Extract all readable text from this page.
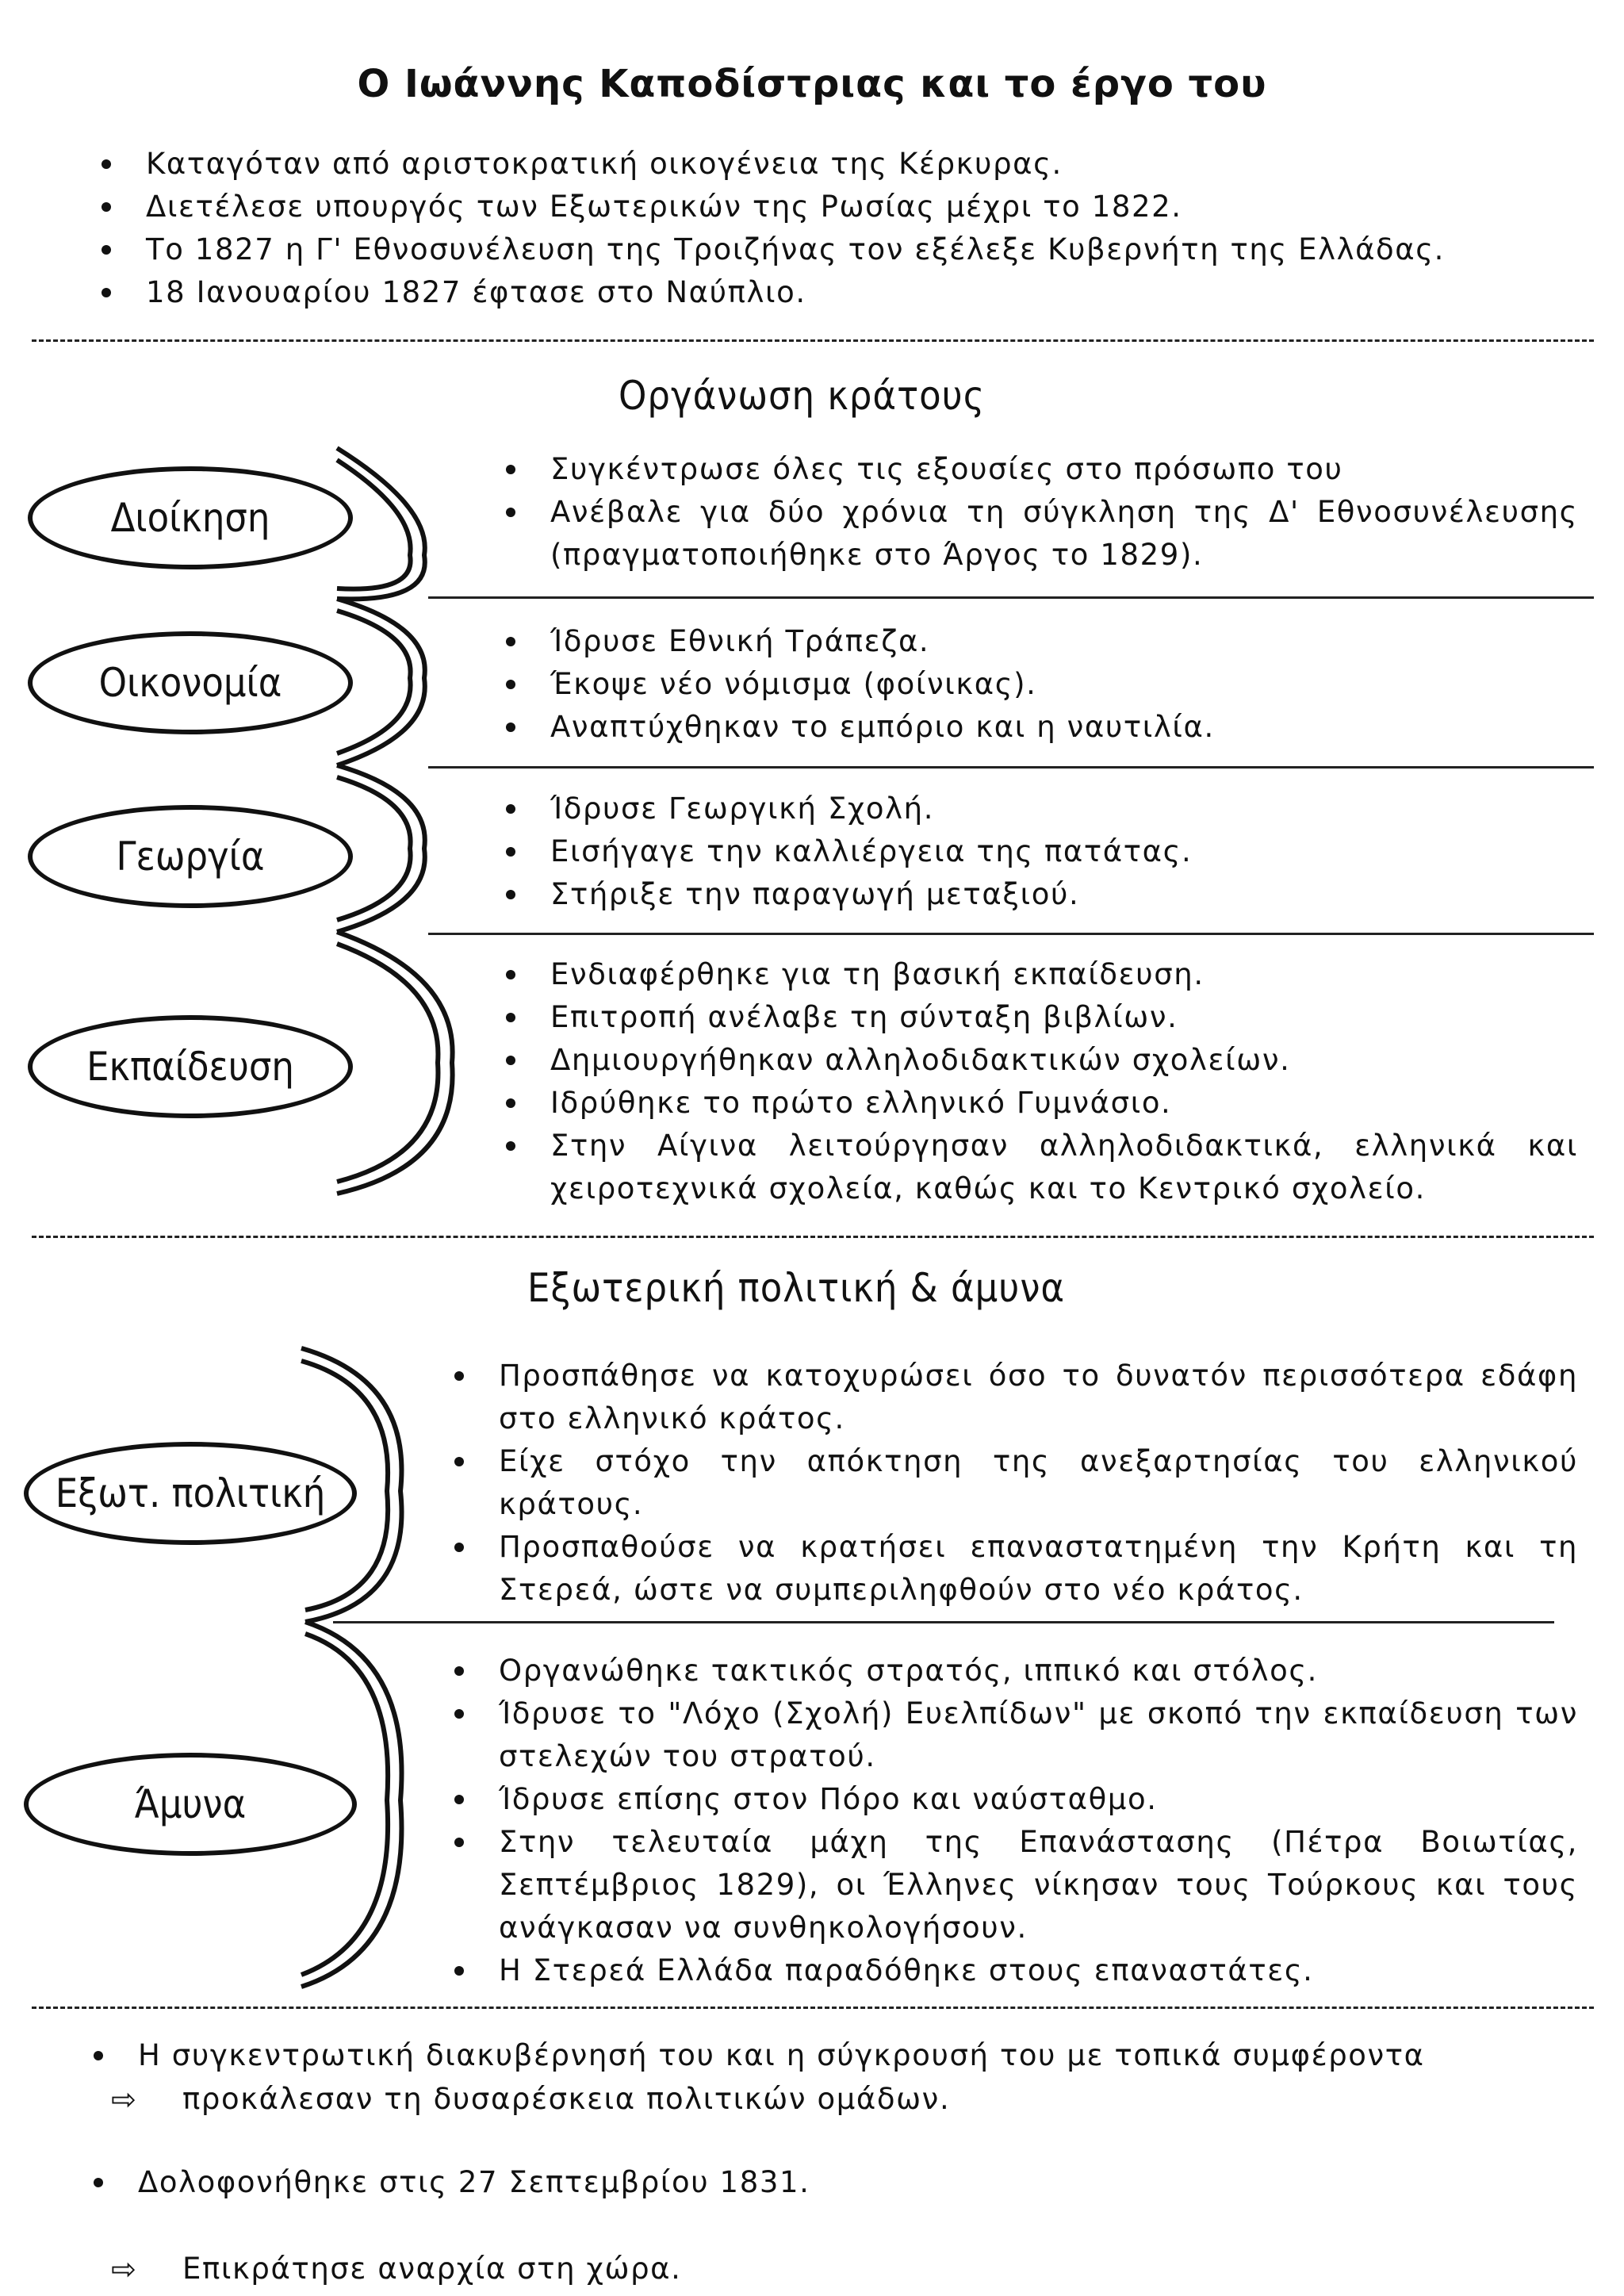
Ο Ιωάννης Καποδίστριας και το έργο του
Καταγόταν από αριστοκρατική οικογένεια της Κέρκυρας.
Διετέλεσε υπουργός των Εξωτερικών της Ρωσίας μέχρι το 1822.
Το 1827 η Γ' Εθνοσυνέλευση της Τροιζήνας τον εξέλεξε Κυβερνήτη της Ελλάδας.
18 Ιανουαρίου 1827 έφτασε στο Ναύπλιο.
Οργάνωση κράτους
Διοίκηση
Συγκέντρωσε όλες τις εξουσίες στο πρόσωπο του
Ανέβαλε για δύο χρόνια τη σύγκληση της Δ' Εθνοσυνέλευσης (πραγματοποιήθηκε στο Άργος το 1829).
Οικονομία
Ίδρυσε Εθνική Τράπεζα.
Έκοψε νέο νόμισμα (φοίνικας).
Αναπτύχθηκαν το εμπόριο και η ναυτιλία.
Γεωργία
Ίδρυσε Γεωργική Σχολή.
Εισήγαγε την καλλιέργεια της πατάτας.
Στήριξε την παραγωγή μεταξιού.
Εκπαίδευση
Ενδιαφέρθηκε για τη βασική εκπαίδευση.
Επιτροπή ανέλαβε τη σύνταξη βιβλίων.
Δημιουργήθηκαν αλληλοδιδακτικών σχολείων.
Ιδρύθηκε το πρώτο ελληνικό Γυμνάσιο.
Στην Αίγινα λειτούργησαν αλληλοδιδακτικά, ελληνικά και χειροτεχνικά σχολεία, καθώς και το Κεντρικό σχολείο.
Εξωτερική πολιτική & άμυνα
Εξωτ. πολιτική
Προσπάθησε να κατοχυρώσει όσο το δυνατόν περισσότερα εδάφη στο ελληνικό κράτος.
Είχε στόχο την απόκτηση της ανεξαρτησίας του ελληνικού κράτους.
Προσπαθούσε να κρατήσει επαναστατημένη την Κρήτη και τη Στερεά, ώστε να συμπεριληφθούν στο νέο κράτος.
Άμυνα
Οργανώθηκε τακτικός στρατός, ιππικό και στόλος.
Ίδρυσε το "Λόχο (Σχολή) Ευελπίδων" με σκοπό την εκπαίδευση των στελεχών του στρατού.
Ίδρυσε επίσης στον Πόρο και ναύσταθμο.
Στην τελευταία μάχη της Επανάστασης (Πέτρα Βοιωτίας, Σεπτέμβριος 1829), οι Έλληνες νίκησαν τους Τούρκους και τους ανάγκασαν να συνθηκολογήσουν.
Η Στερεά Ελλάδα παραδόθηκε στους επαναστάτες.
Η συγκεντρωτική διακυβέρνησή του και η σύγκρουσή του με τοπικά συμφέροντα
⇨ προκάλεσαν τη δυσαρέσκεια πολιτικών ομάδων.
Δολοφονήθηκε στις 27 Σεπτεμβρίου 1831.
⇨ Επικράτησε αναρχία στη χώρα.
